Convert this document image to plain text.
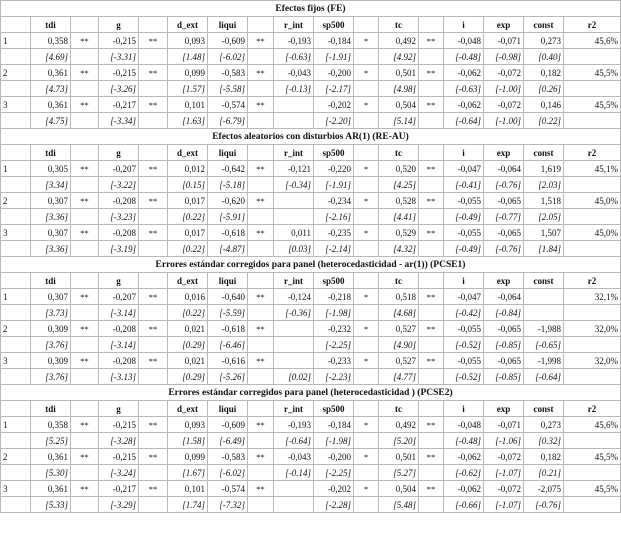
Efectos fijos (FE)																
	tdi		g		d_ext	liqui		r_int	sp500		tc		i	exp	const	r2
1	0,358	**	-0,215	**	0,093	-0,609	**	-0,193	-0,184	*	0,492	**	-0,048	-0,071	0,273	45,6%
	[4.69]		[-3.31]		[1.48]	[-6.02]		[-0.63]	[-1.91]		[4.92]		[-0.48]	[-0.98]	[0.40]	
2	0,361	**	-0,215	**	0,099	-0,583	**	-0,043	-0,200	*	0,501	**	-0,062	-0,072	0,182	45,5%
	[4.73]		[-3.26]		[1.57]	[-5.58]		[-0.13]	[-2.17]		[4.98]		[-0.63]	[-1.00]	[0.26]	
3	0,361	**	-0,217	**	0,101	-0,574	**		-0,202	*	0,504	**	-0,062	-0,072	0,146	45,5%
	[4.75]		[-3.34]		[1.63]	[-6.79]			[-2.20]		[5.14]		[-0.64]	[-1.00]	[0.22]	
Efectos aleatorios con disturbios AR(1) (RE-AU)																
	tdi		g		d_ext	liqui		r_int	sp500		tc		i	exp	const	r2
1	0,305	**	-0,207	**	0,012	-0,642	**	-0,121	-0,220	*	0,520	**	-0,047	-0,064	1,619	45,1%
	[3.34]		[-3.22]		[0.15]	[-5.18]		[-0.34]	[-1.91]		[4.25]		[-0.41]	[-0.76]	[2.03]	
2	0,307	**	-0,208	**	0,017	-0,620	**		-0,234	*	0,528	**	-0,055	-0,065	1,518	45,0%
	[3.36]		[-3.23]		[0.22]	[-5.91]			[-2.16]		[4.41]		[-0.49]	[-0.77]	[2.05]	
3	0,307	**	-0,208	**	0,017	-0,618	**	0,011	-0,235	*	0,529	**	-0,055	-0,065	1,507	45,0%
	[3.36]		[-3.19]		[0.22]	[-4.87]		[0.03]	[-2.14]		[4.32]		[-0.49]	[-0.76]	[1.84]	
Errores estándar corregidos para panel (heterocedasticidad - ar(1)) (PCSE1)																
	tdi		g		d_ext	liqui		r_int	sp500		tc		i	exp	const	r2
1	0,307	**	-0,207	**	0,016	-0,640	**	-0,124	-0,218	*	0,518	**	-0,047	-0,064		32,1%
	[3.73]		[-3.14]		[0.22]	[-5.59]		[-0.36]	[-1.98]		[4.68]		[-0.42]	[-0.84]		
2	0,309	**	-0,208	**	0,021	-0,618	**		-0,232	*	0,527	**	-0,055	-0,065	-1,988	32,0%
	[3.76]		[-3.14]		[0.29]	[-6.46]			[-2.25]		[4.90]		[-0.52]	[-0.85]	[-0.65]	
3	0,309	**	-0,208	**	0,021	-0,616	**		-0,233	*	0,527	**	-0,055	-0,065	-1,998	32,0%
	[3.76]		[-3.13]		[0.29]	[-5.26]		[0.02]	[-2.23]		[4.77]		[-0.52]	[-0.85]	[-0.64]	
Errores estándar corregidos para panel (heterocedasticidad ) (PCSE2)																
	tdi		g		d_ext	liqui		r_int	sp500		tc		i	exp	const	r2
1	0,358	**	-0,215	**	0,093	-0,609	**	-0,193	-0,184	*	0,492	**	-0,048	-0,071	0,273	45,6%
	[5.25]		[-3.28]		[1.58]	[-6.49]		[-0.64]	[-1.98]		[5.20]		[-0.48]	[-1.06]	[0.32]	
2	0,361	**	-0,215	**	0,099	-0,583	**	-0,043	-0,200	*	0,501	**	-0,062	-0,072	0,182	45,5%
	[5.30]		[-3.24]		[1.67]	[-6.02]		[-0.14]	[-2.25]		[5.27]		[-0.62]	[-1.07]	[0.21]	
3	0,361	**	-0,217	**	0,101	-0,574	**		-0,202	*	0,504	**	-0,062	-0,072	-2,075	45,5%
	[5.33]		[-3.29]		[1.74]	[-7.32]			[-2.28]		[5.48]		[-0.66]	[-1.07]	[-0.76]	
